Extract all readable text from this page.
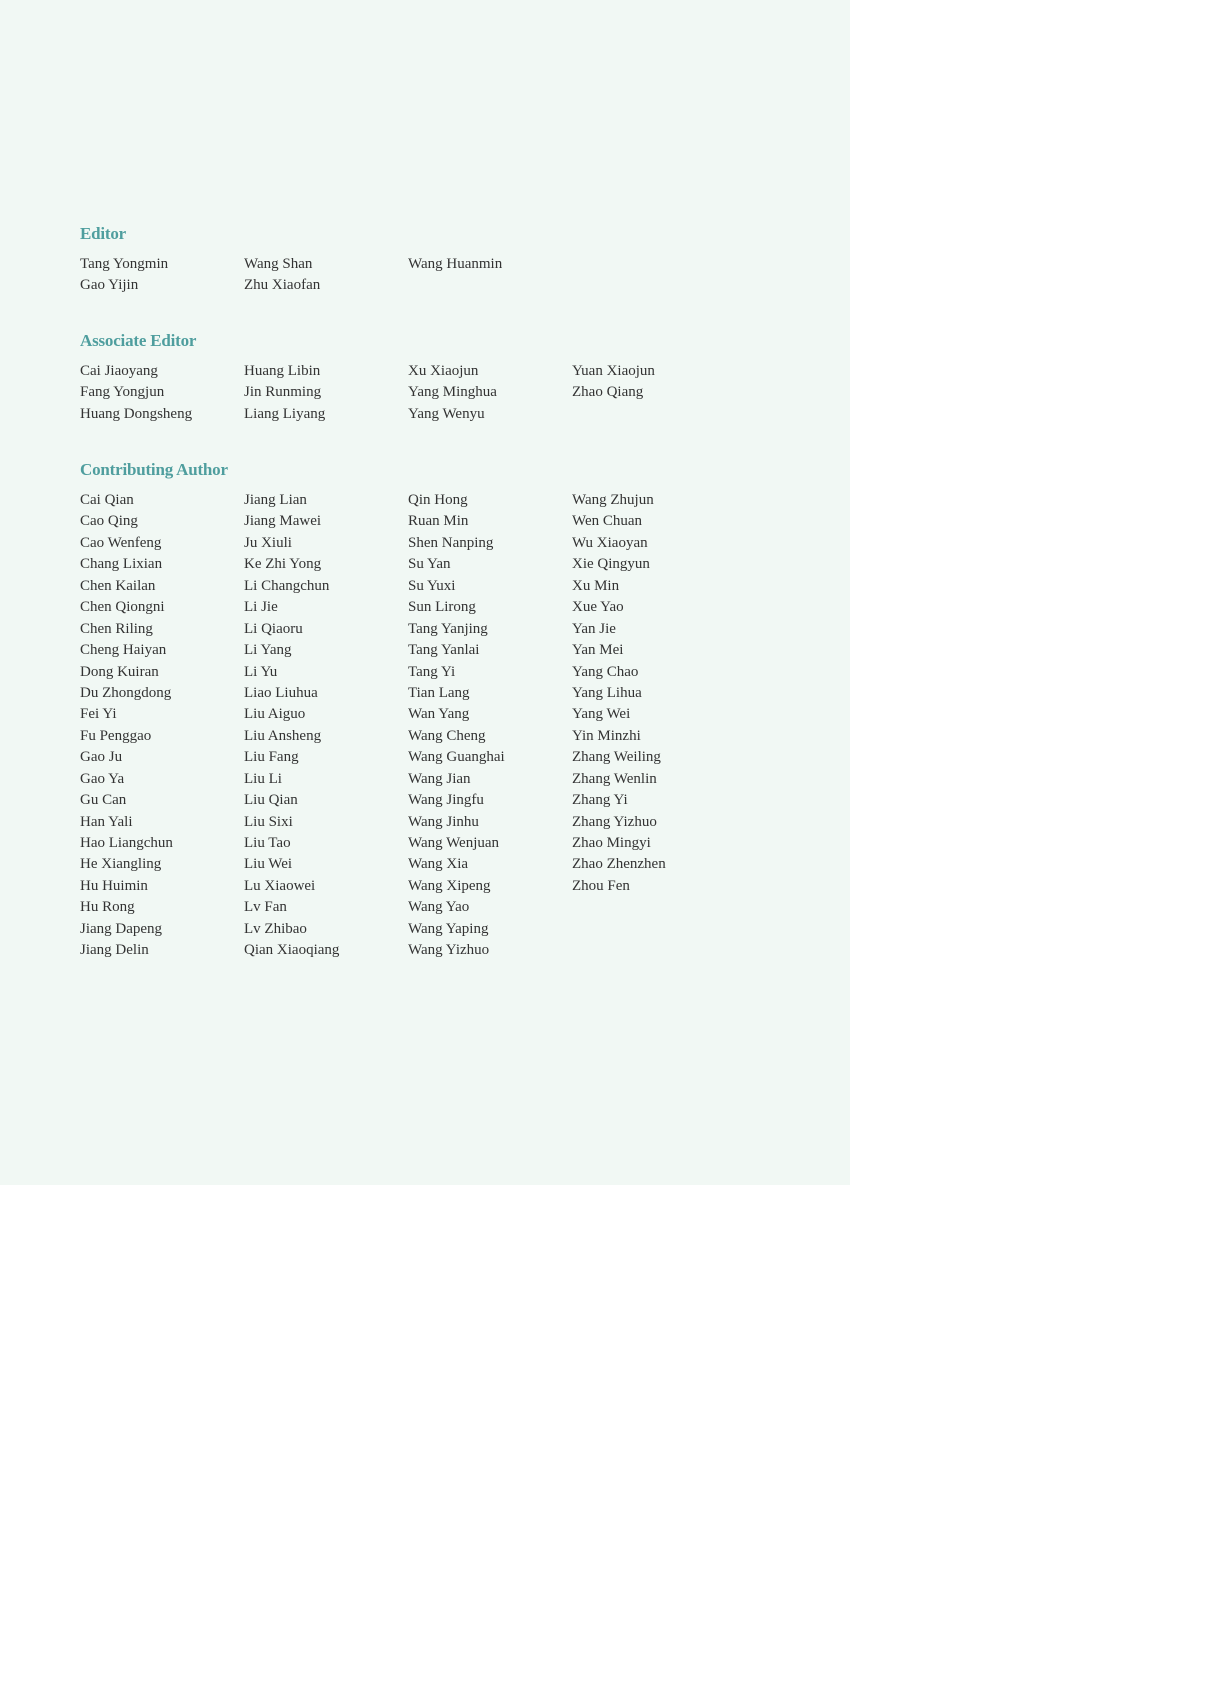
Editor
Tang Yongmin
Gao Yijin
Wang Shan
Zhu Xiaofan
Wang Huanmin
Associate Editor
Cai Jiaoyang
Fang Yongjun
Huang Dongsheng
Huang Libin
Jin Runming
Liang Liyang
Xu Xiaojun
Yang Minghua
Yang Wenyu
Yuan Xiaojun
Zhao Qiang
Contributing Author
Cai Qian
Cao Qing
Cao Wenfeng
Chang Lixian
Chen Kailan
Chen Qiongni
Chen Riling
Cheng Haiyan
Dong Kuiran
Du Zhongdong
Fei Yi
Fu Penggao
Gao Ju
Gao Ya
Gu Can
Han Yali
Hao Liangchun
He Xiangling
Hu Huimin
Hu Rong
Jiang Dapeng
Jiang Delin
Jiang Lian
Jiang Mawei
Ju Xiuli
Ke Zhi Yong
Li Changchun
Li Jie
Li Qiaoru
Li Yang
Li Yu
Liao Liuhua
Liu Aiguo
Liu Ansheng
Liu Fang
Liu Li
Liu Qian
Liu Sixi
Liu Tao
Liu Wei
Lu Xiaowei
Lv Fan
Lv Zhibao
Qian Xiaoqiang
Qin Hong
Ruan Min
Shen Nanping
Su Yan
Su Yuxi
Sun Lirong
Tang Yanjing
Tang Yanlai
Tang Yi
Tian Lang
Wan Yang
Wang Cheng
Wang Guanghai
Wang Jian
Wang Jingfu
Wang Jinhu
Wang Wenjuan
Wang Xia
Wang Xipeng
Wang Yao
Wang Yaping
Wang Yizhuo
Wang Zhujun
Wen Chuan
Wu Xiaoyan
Xie Qingyun
Xu Min
Xue Yao
Yan Jie
Yan Mei
Yang Chao
Yang Lihua
Yang Wei
Yin Minzhi
Zhang Weiling
Zhang Wenlin
Zhang Yi
Zhang Yizhuo
Zhao Mingyi
Zhao Zhenzhen
Zhou Fen
